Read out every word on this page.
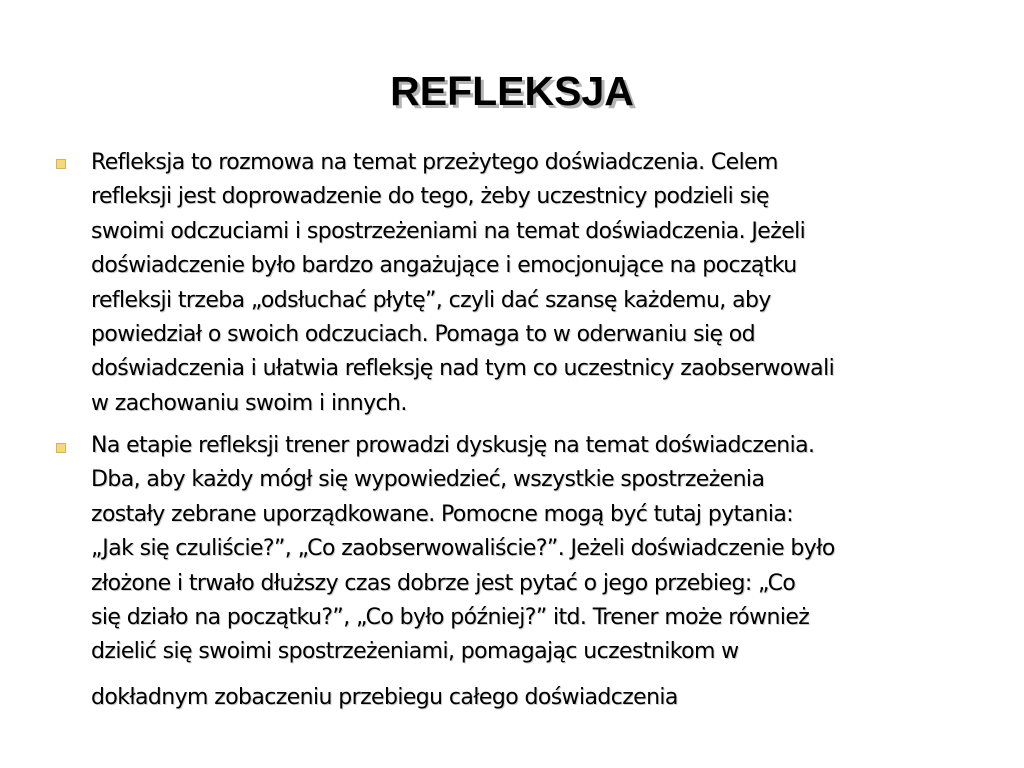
REFLEKSJA
Refleksja to rozmowa na temat przeżytego doświadczenia. Celem
refleksji jest doprowadzenie do tego, żeby uczestnicy podzieli się
swoimi odczuciami i spostrzeżeniami na temat doświadczenia. Jeżeli
doświadczenie było bardzo angażujące i emocjonujące na początku
refleksji trzeba „odsłuchać płytę”, czyli dać szansę każdemu, aby
powiedział o swoich odczuciach. Pomaga to w oderwaniu się od
doświadczenia i ułatwia refleksję nad tym co uczestnicy zaobserwowali
w zachowaniu swoim i innych.
Na etapie refleksji trener prowadzi dyskusję na temat doświadczenia.
Dba, aby każdy mógł się wypowiedzieć, wszystkie spostrzeżenia
zostały zebrane uporządkowane. Pomocne mogą być tutaj pytania:
„Jak się czuliście?”, „Co zaobserwowaliście?”. Jeżeli doświadczenie było
złożone i trwało dłuższy czas dobrze jest pytać o jego przebieg: „Co
się działo na początku?”, „Co było później?” itd. Trener może również
dzielić się swoimi spostrzeżeniami, pomagając uczestnikom w
dokładnym zobaczeniu przebiegu całego doświadczenia
